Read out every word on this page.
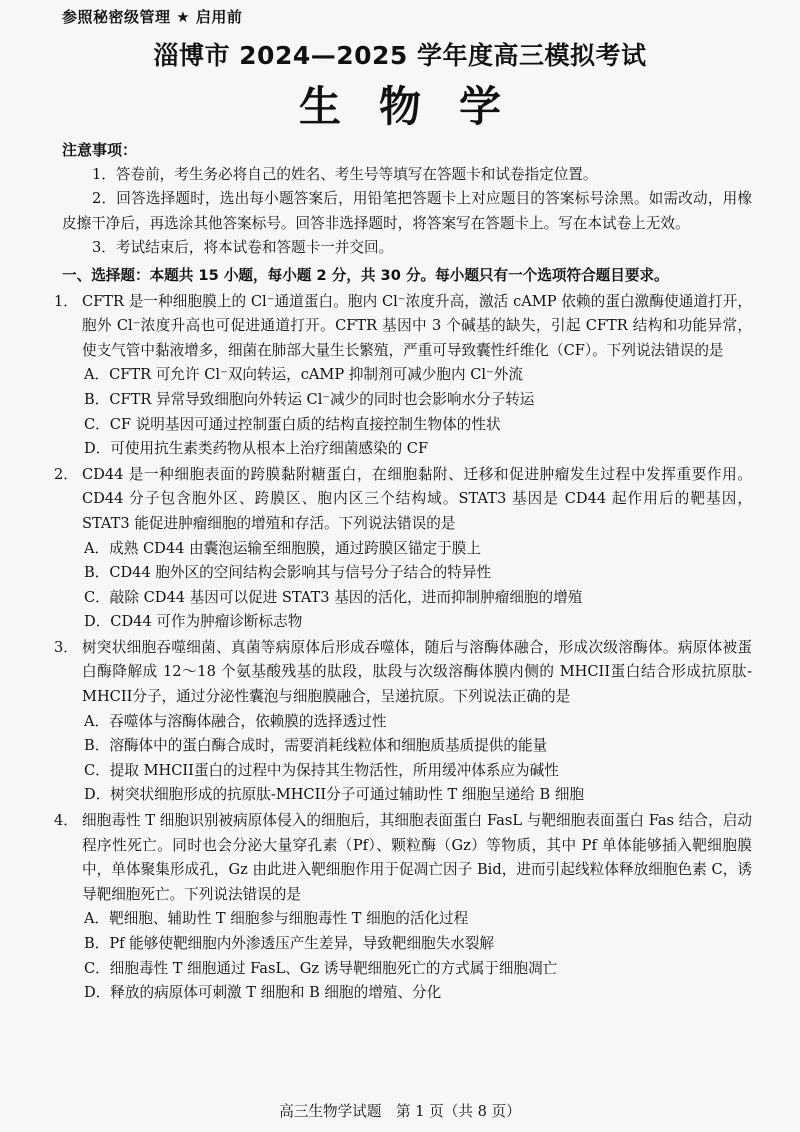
参照秘密级管理 ★ 启用前
淄博市 2024—2025 学年度高三模拟考试
生物学
注意事项：

1．答卷前，考生务必将自己的姓名、考生号等填写在答题卡和试卷指定位置。

2．回答选择题时，选出每小题答案后，用铅笔把答题卡上对应题目的答案标号涂黑。如需改动，用橡皮擦干净后，再选涂其他答案标号。回答非选择题时，将答案写在答题卡上。写在本试卷上无效。

3．考试结束后，将本试卷和答题卡一并交回。

一、选择题：本题共 15 小题，每小题 2 分，共 30 分。每小题只有一个选项符合题目要求。
1． CFTR 是一种细胞膜上的 Cl⁻通道蛋白。胞内 Cl⁻浓度升高，激活 cAMP 依赖的蛋白激酶使通道打开，胞外 Cl⁻浓度升高也可促进通道打开。CFTR 基因中 3 个碱基的缺失，引起 CFTR 结构和功能异常，使支气管中黏液增多，细菌在肺部大量生长繁殖，严重可导致囊性纤维化（CF）。下列说法错误的是
A．CFTR 可允许 Cl⁻双向转运，cAMP 抑制剂可减少胞内 Cl⁻外流
B．CFTR 异常导致细胞向外转运 Cl⁻减少的同时也会影响水分子转运
C．CF 说明基因可通过控制蛋白质的结构直接控制生物体的性状
D．可使用抗生素类药物从根本上治疗细菌感染的 CF
2． CD44 是一种细胞表面的跨膜黏附糖蛋白，在细胞黏附、迁移和促进肿瘤发生过程中发挥重要作用。CD44 分子包含胞外区、跨膜区、胞内区三个结构域。STAT3 基因是 CD44 起作用后的靶基因，STAT3 能促进肿瘤细胞的增殖和存活。下列说法错误的是
A．成熟 CD44 由囊泡运输至细胞膜，通过跨膜区锚定于膜上
B．CD44 胞外区的空间结构会影响其与信号分子结合的特异性
C．敲除 CD44 基因可以促进 STAT3 基因的活化，进而抑制肿瘤细胞的增殖
D．CD44 可作为肿瘤诊断标志物
3． 树突状细胞吞噬细菌、真菌等病原体后形成吞噬体，随后与溶酶体融合，形成次级溶酶体。病原体被蛋白酶降解成 12～18 个氨基酸残基的肽段，肽段与次级溶酶体膜内侧的 MHCII蛋白结合形成抗原肽-MHCII分子，通过分泌性囊泡与细胞膜融合，呈递抗原。下列说法正确的是
A．吞噬体与溶酶体融合，依赖膜的选择透过性
B．溶酶体中的蛋白酶合成时，需要消耗线粒体和细胞质基质提供的能量
C．提取 MHCII蛋白的过程中为保持其生物活性，所用缓冲体系应为碱性
D．树突状细胞形成的抗原肽-MHCII分子可通过辅助性 T 细胞呈递给 B 细胞
4． 细胞毒性 T 细胞识别被病原体侵入的细胞后，其细胞表面蛋白 FasL 与靶细胞表面蛋白 Fas 结合，启动程序性死亡。同时也会分泌大量穿孔素（Pf）、颗粒酶（Gz）等物质，其中 Pf 单体能够插入靶细胞膜中，单体聚集形成孔，Gz 由此进入靶细胞作用于促凋亡因子 Bid，进而引起线粒体释放细胞色素 C，诱导靶细胞死亡。下列说法错误的是
A．靶细胞、辅助性 T 细胞参与细胞毒性 T 细胞的活化过程
B．Pf 能够使靶细胞内外渗透压产生差异，导致靶细胞失水裂解
C．细胞毒性 T 细胞通过 FasL、Gz 诱导靶细胞死亡的方式属于细胞凋亡
D．释放的病原体可刺激 T 细胞和 B 细胞的增殖、分化
高三生物学试题　第 1 页（共 8 页）
